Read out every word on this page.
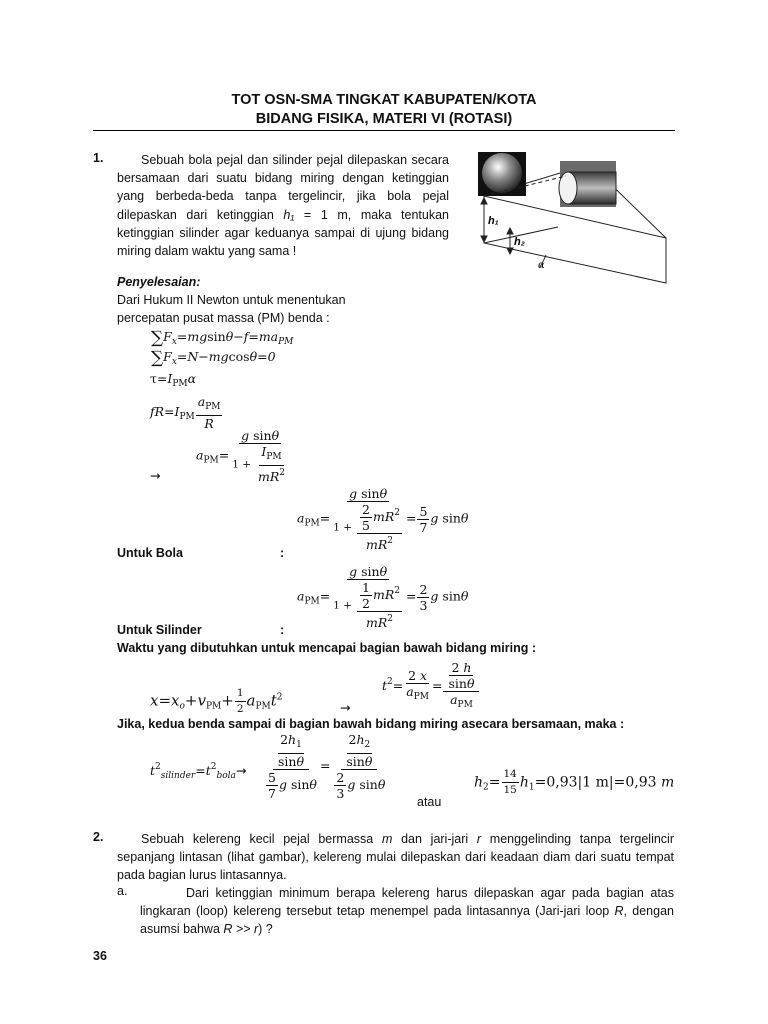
TOT OSN-SMA TINGKAT KABUPATEN/KOTA
BIDANG FISIKA, MATERI VI (ROTASI)
1.	Sebuah bola pejal dan silinder pejal dilepaskan secara bersamaan dari suatu bidang miring dengan ketinggian yang berbeda-beda tanpa tergelincir, jika bola pejal dilepaskan dari ketinggian h₁ = 1 m, maka tentukan ketinggian silinder agar keduanya sampai di ujung bidang miring dalam waktu yang sama !
h₁
h₂
α
Penyelesaian:
Dari Hukum II Newton untuk menentukan
percepatan pusat massa (PM) benda :
$\sum F_x=mgsin\theta-f=ma_{PM}$
$\sum F_x=N-mgcos\theta=0$
$\tau=I_{PM}\alpha$
$fR=I_{PM} \frac{a_{PM}}{R}$
$a_{PM}= \frac{\text{g sinθ}}{1 + \frac{I_{PM}}{mR^2}}$
→
$a_{PM}= \frac{\text{g sinθ}}{1 + \frac{\frac{2}{5} mR^2}{mR^2}} = \frac{5}{7}$ g sinθ
Untuk Bola	:
$a_{PM}= \frac{\text{g sinθ}}{1 + \frac{\frac{1}{2} mR^2}{mR^2}} = \frac{2}{3}$ g sinθ
Untuk Silinder	:
Waktu yang dibutuhkan untuk mencapai bagian bawah bidang miring :
$x=x_o+v_{PM}+ \frac{1}{2} a_{PM}t^2$
→
$t^2= \frac{2 x}{a_{PM}} = \frac{\frac{2 h}{\sin\theta}}{a_{PM}}$
Jika, kedua benda sampai di bagian bawah bidang miring asecara bersamaan, maka :
$t^2_{silinder}=t^2_{bola} \to \frac{\frac{2h_1}{\sin\theta}}{\frac{5}{7} g \sin\theta} = \frac{\frac{2h_2}{\sin\theta}}{\frac{2}{3} g \sin\theta}$	$h_2= \frac{14}{15} h_1=0,93|1$ m|=0,93 m
atau
2.	Sebuah kelereng kecil pejal bermassa m dan jari-jari r menggelinding tanpa tergelincir sepanjang lintasan (lihat gambar), kelereng mulai dilepaskan dari keadaan diam dari suatu tempat pada bagian lurus lintasannya.
a.	Dari ketinggian minimum berapa kelereng harus dilepaskan agar pada bagian atas lingkaran (loop) kelereng tersebut tetap menempel pada lintasannya (Jari-jari loop R, dengan asumsi bahwa R >> r) ?
36
